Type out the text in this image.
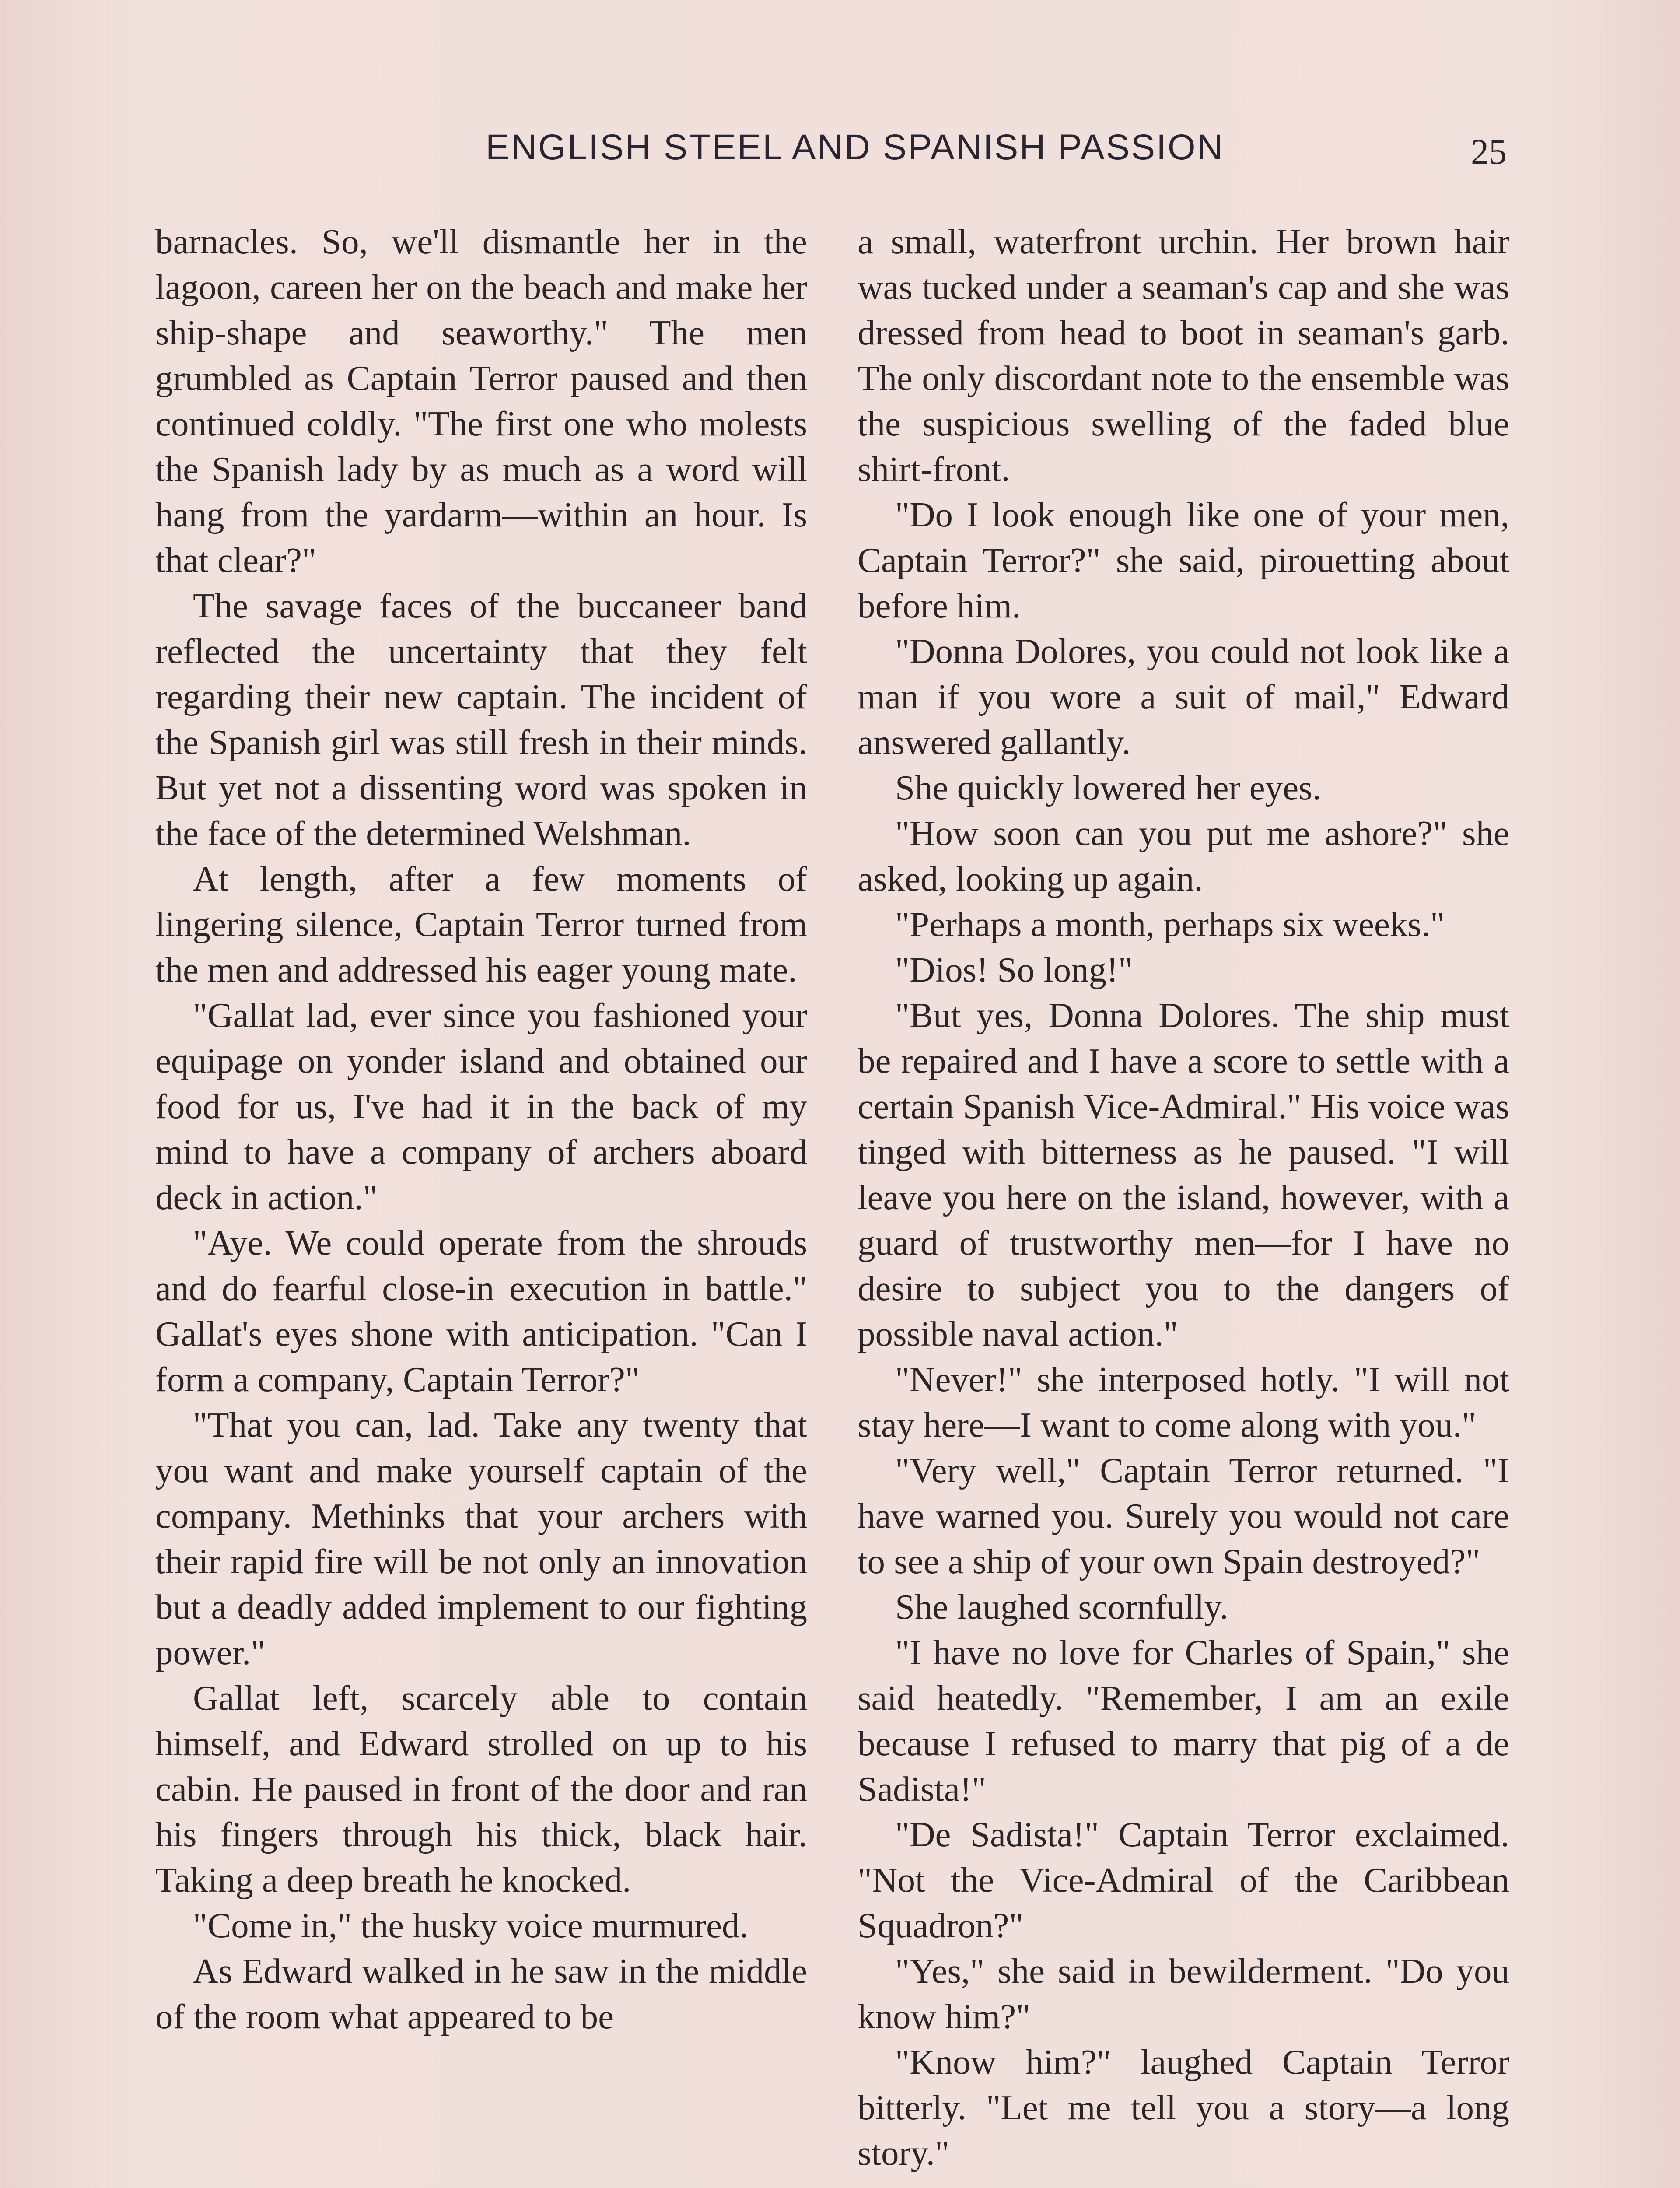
ENGLISH STEEL AND SPANISH PASSION	25

barnacles. So, we'll dismantle her in the lagoon, careen her on the beach and make her ship-shape and seaworthy." The men grumbled as Captain Terror paused and then continued coldly. "The first one who molests the Spanish lady by as much as a word will hang from the yardarm—within an hour. Is that clear?"

The savage faces of the buccaneer band reflected the uncertainty that they felt regarding their new captain. The incident of the Spanish girl was still fresh in their minds. But yet not a dissenting word was spoken in the face of the determined Welshman.

At length, after a few moments of lingering silence, Captain Terror turned from the men and addressed his eager young mate.

"Gallat lad, ever since you fashioned your equipage on yonder island and obtained our food for us, I've had it in the back of my mind to have a company of archers aboard deck in action."

"Aye. We could operate from the shrouds and do fearful close-in execution in battle." Gallat's eyes shone with anticipation. "Can I form a company, Captain Terror?"

"That you can, lad. Take any twenty that you want and make yourself captain of the company. Methinks that your archers with their rapid fire will be not only an innovation but a deadly added implement to our fighting power."

Gallat left, scarcely able to contain himself, and Edward strolled on up to his cabin. He paused in front of the door and ran his fingers through his thick, black hair. Taking a deep breath he knocked.

"Come in," the husky voice murmured.

As Edward walked in he saw in the middle of the room what appeared to be

a small, waterfront urchin. Her brown hair was tucked under a seaman's cap and she was dressed from head to boot in seaman's garb. The only discordant note to the ensemble was the suspicious swelling of the faded blue shirt-front.

"Do I look enough like one of your men, Captain Terror?" she said, pirouetting about before him.

"Donna Dolores, you could not look like a man if you wore a suit of mail," Edward answered gallantly.

She quickly lowered her eyes.

"How soon can you put me ashore?" she asked, looking up again.

"Perhaps a month, perhaps six weeks."

"Dios! So long!"

"But yes, Donna Dolores. The ship must be repaired and I have a score to settle with a certain Spanish Vice-Admiral." His voice was tinged with bitterness as he paused. "I will leave you here on the island, however, with a guard of trustworthy men—for I have no desire to subject you to the dangers of possible naval action."

"Never!" she interposed hotly. "I will not stay here—I want to come along with you."

"Very well," Captain Terror returned. "I have warned you. Surely you would not care to see a ship of your own Spain destroyed?"

She laughed scornfully.

"I have no love for Charles of Spain," she said heatedly. "Remember, I am an exile because I refused to marry that pig of a de Sadista!"

"De Sadista!" Captain Terror exclaimed. "Not the Vice-Admiral of the Caribbean Squadron?"

"Yes," she said in bewilderment. "Do you know him?"

"Know him?" laughed Captain Terror bitterly. "Let me tell you a story—a long story."
